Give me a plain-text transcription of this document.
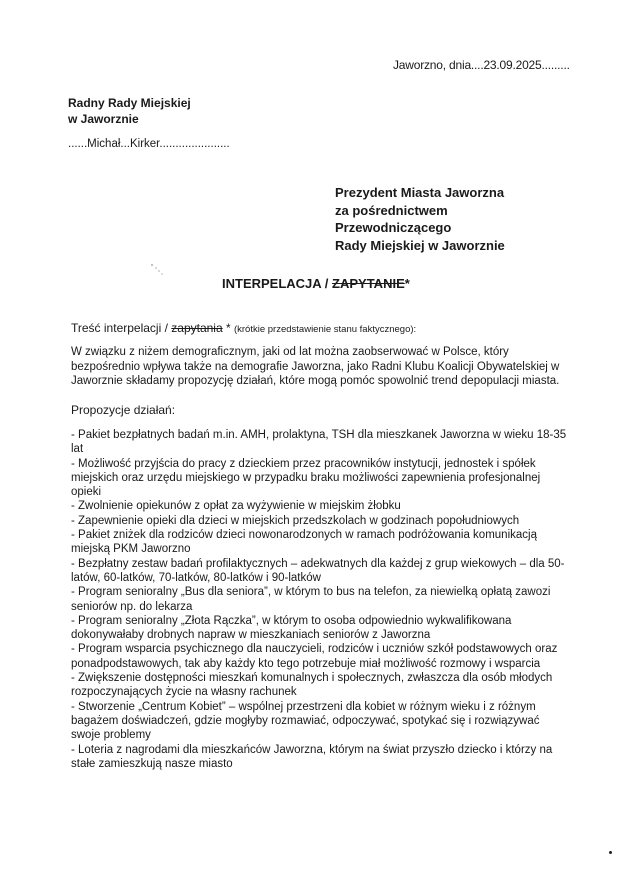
Jaworzno, dnia....23.09.2025.........
Radny Rady Miejskiej
w Jaworznie
......Michał...Kirker......................
Prezydent Miasta Jaworzna
za pośrednictwem
Przewodniczącego
Rady Miejskiej w Jaworznie
INTERPELACJA / ZAPYTANIE*
Treść interpelacji / zapytania * (krótkie przedstawienie stanu faktycznego):
W związku z niżem demograficznym, jaki od lat można zaobserwować w Polsce, który bezpośrednio wpływa także na demografie Jaworzna, jako Radni Klubu Koalicji Obywatelskiej w Jaworznie składamy propozycję działań, które mogą pomóc spowolnić trend depopulacji miasta.
Propozycje działań:
- Pakiet bezpłatnych badań m.in. AMH, prolaktyna, TSH dla mieszkanek Jaworzna w wieku 18-35 lat
- Możliwość przyjścia do pracy z dzieckiem przez pracowników instytucji, jednostek i spółek miejskich oraz urzędu miejskiego w przypadku braku możliwości zapewnienia profesjonalnej opieki
- Zwolnienie opiekunów z opłat za wyżywienie w miejskim żłobku
- Zapewnienie opieki dla dzieci w miejskich przedszkolach w godzinach popołudniowych
- Pakiet zniżek dla rodziców dzieci nowonarodzonych w ramach podróżowania komunikacją miejską PKM Jaworzno
- Bezpłatny zestaw badań profilaktycznych – adekwatnych dla każdej z grup wiekowych – dla 50-latów, 60-latków, 70-latków, 80-latków i 90-latków
- Program senioralny „Bus dla seniora”, w którym to bus na telefon, za niewielką opłatą zawozi seniorów np. do lekarza
- Program senioralny „Złota Rączka”, w którym to osoba odpowiednio wykwalifikowana dokonywałaby drobnych napraw w mieszkaniach seniorów z Jaworzna
- Program wsparcia psychicznego dla nauczycieli, rodziców i uczniów szkół podstawowych oraz ponadpodstawowych, tak aby każdy kto tego potrzebuje miał możliwość rozmowy i wsparcia
- Zwiększenie dostępności mieszkań komunalnych i społecznych, zwłaszcza dla osób młodych rozpoczynających życie na własny rachunek
- Stworzenie „Centrum Kobiet” – wspólnej przestrzeni dla kobiet w różnym wieku i z różnym bagażem doświadczeń, gdzie mogłyby rozmawiać, odpoczywać, spotykać się i rozwiązywać swoje problemy
- Loteria z nagrodami dla mieszkańców Jaworzna, którym na świat przyszło dziecko i którzy na stałe zamieszkują nasze miasto
